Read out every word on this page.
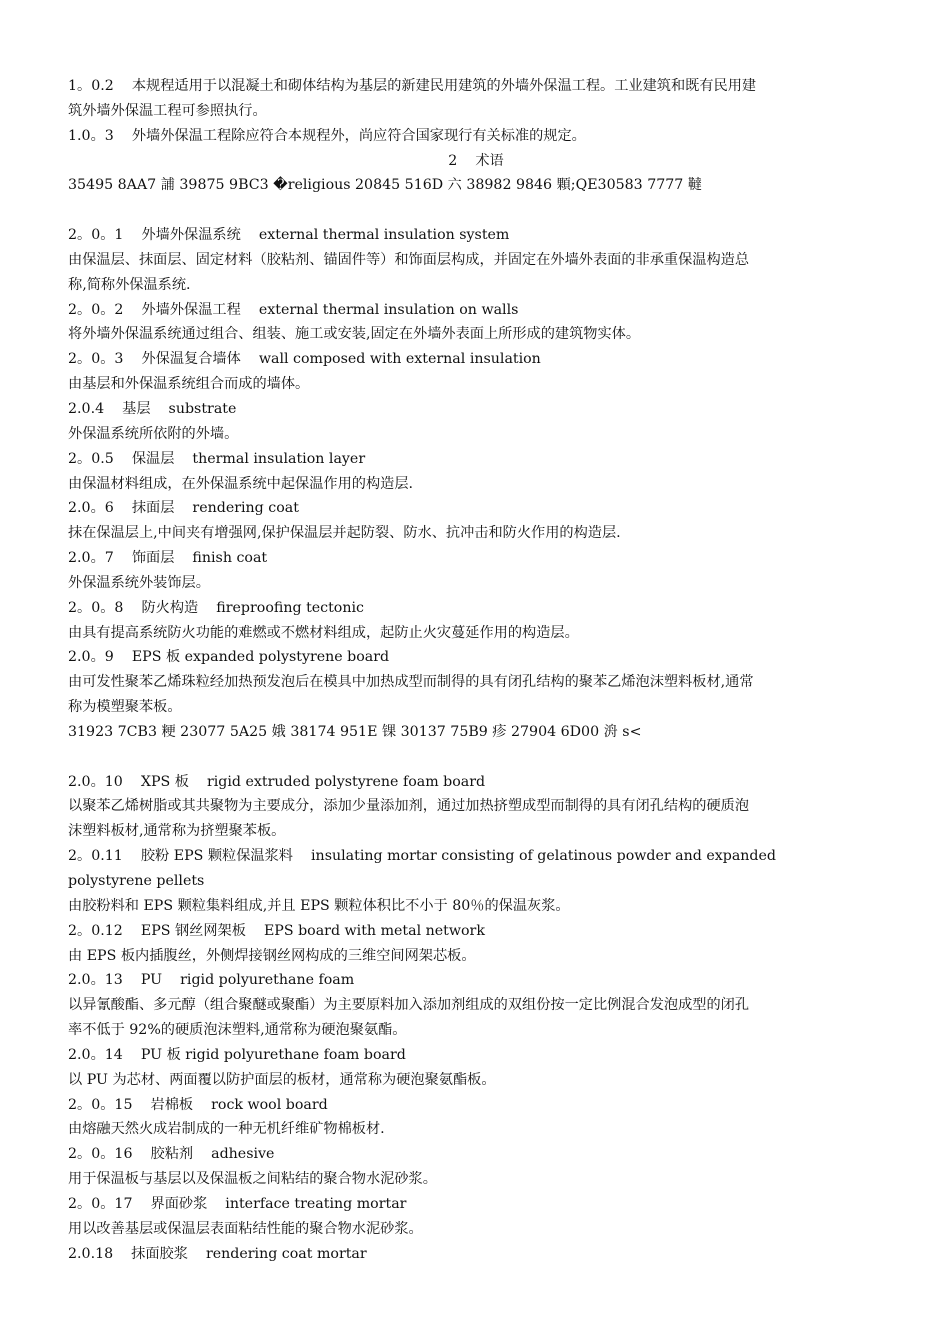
1。0.2    本规程适用于以混凝土和砌体结构为基层的新建民用建筑的外墙外保温工程。工业建筑和既有民用建

筑外墙外保温工程可参照执行。

1.0。3    外墙外保温工程除应符合本规程外，尚应符合国家现行有关标准的规定。

2    术语

35495 8AA7 誧 39875 9BC3 �religious 20845 516D 六 38982 9846 顆;QE30583 7777 韃

2。0。1    外墙外保温系统    external thermal insulation system

由保温层、抹面层、固定材料（胶粘剂、锚固件等）和饰面层构成，并固定在外墙外表面的非承重保温构造总

称,简称外保温系统.

2。0。2    外墙外保温工程    external thermal insulation on walls

将外墙外保温系统通过组合、组装、施工或安装,固定在外墙外表面上所形成的建筑物实体。

2。0。3    外保温复合墙体    wall composed with external insulation

由基层和外保温系统组合而成的墙体。

2.0.4    基层    substrate

外保温系统所依附的外墙。

2。0.5    保温层    thermal insulation layer

由保温材料组成，在外保温系统中起保温作用的构造层.

2.0。6    抹面层    rendering coat

抹在保温层上,中间夹有增强网,保护保温层并起防裂、防水、抗冲击和防火作用的构造层.

2.0。7    饰面层    finish coat

外保温系统外装饰层。

2。0。8    防火构造    fireproofing tectonic

由具有提高系统防火功能的难燃或不燃材料组成，起防止火灾蔓延作用的构造层。

2.0。9    EPS 板 expanded polystyrene board

由可发性聚苯乙烯珠粒经加热预发泡后在模具中加热成型而制得的具有闭孔结构的聚苯乙烯泡沫塑料板材,通常

称为模塑聚苯板。

31923 7CB3 粳 23077 5A25 娥 38174 951E 锞 30137 75B9 疹 27904 6D00 洀 s<

2.0。10    XPS 板    rigid extruded polystyrene foam board

以聚苯乙烯树脂或其共聚物为主要成分，添加少量添加剂，通过加热挤塑成型而制得的具有闭孔结构的硬质泡

沫塑料板材,通常称为挤塑聚苯板。

2。0.11    胶粉 EPS 颗粒保温浆料    insulating mortar consisting of gelatinous powder and expanded

polystyrene pellets

由胶粉料和 EPS 颗粒集料组成,并且 EPS 颗粒体积比不小于 80％的保温灰浆。

2。0.12    EPS 钢丝网架板    EPS board with metal network

由 EPS 板内插腹丝，外侧焊接钢丝网构成的三维空间网架芯板。

2.0。13    PU    rigid polyurethane foam

以异氰酸酯、多元醇（组合聚醚或聚酯）为主要原料加入添加剂组成的双组份按一定比例混合发泡成型的闭孔

率不低于 92%的硬质泡沫塑料,通常称为硬泡聚氨酯。

2.0。14    PU 板 rigid polyurethane foam board

以 PU 为芯材、两面覆以防护面层的板材，通常称为硬泡聚氨酯板。

2。0。15    岩棉板    rock wool board

由熔融天然火成岩制成的一种无机纤维矿物棉板材.

2。0。16    胶粘剂    adhesive

用于保温板与基层以及保温板之间粘结的聚合物水泥砂浆。

2。0。17    界面砂浆    interface treating mortar

用以改善基层或保温层表面粘结性能的聚合物水泥砂浆。

2.0.18    抹面胶浆    rendering coat mortar
